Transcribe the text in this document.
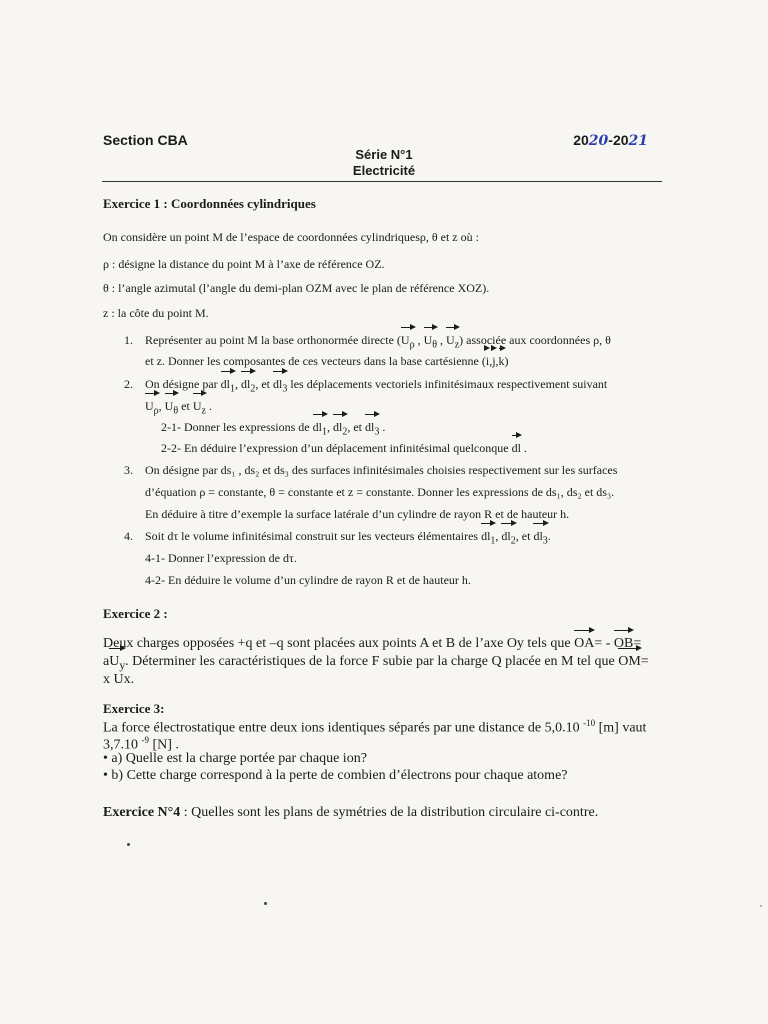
Section CBA	2020-2021
Série N°1
Electricité
Exercice 1 : Coordonnées cylindriques
On considère un point M de l’espace de coordonnées cylindriquesρ, θ et z où :
ρ : désigne la distance du point M à l’axe de référence OZ.
θ : l’angle azimutal (l’angle du demi-plan OZM avec le plan de référence XOZ).
z : la côte du point M.
1. Représenter au point M la base orthonormée directe ($U_\rho$ , $U_\theta$ , $U_z$) associée aux coordonnées ρ, θ
et z. Donner les composantes de ces vecteurs dans la base cartésienne (i,j,k)
2. On désigne par $dl_1$, $dl_2$, et $dl_3$ les déplacements vectoriels infinitésimaux respectivement suivant
$U_\rho$, $U_\theta$ et $U_z$ .
2-1- Donner les expressions de $dl_1$, $dl_2$, et $dl_3$ .
2-2- En déduire l’expression d’un déplacement infinitésimal quelconque dl .
3. On désigne par ds₁ , ds₂ et ds₃ des surfaces infinitésimales choisies respectivement sur les surfaces
d’équation ρ = constante, θ = constante et z = constante. Donner les expressions de ds₁, ds₂ et ds₃.
En déduire à titre d’exemple la surface latérale d’un cylindre de rayon R et de hauteur h.
4. Soit dτ le volume infinitésimal construit sur les vecteurs élémentaires $dl_1$, $dl_2$, et $dl_3$.
4-1- Donner l’expression de dτ.
4-2- En déduire le volume d’un cylindre de rayon R et de hauteur h.
Exercice 2 :
Deux charges opposées +q et –q sont placées aux points A et B de l’axe Oy tels que OA= - OB=
$aU_y$. Déterminer les caractéristiques de la force F subie par la charge Q placée en M tel que OM=
x Ux.
Exercice 3:
La force électrostatique entre deux ions identiques séparés par une distance de 5,0.10 $^{-10}$ [m] vaut
3,7.10 $^{-9}$ [N] .
• a) Quelle est la charge portée par chaque ion?
• b) Cette charge correspond à la perte de combien d’électrons pour chaque atome?
Exercice N°4 : Quelles sont les plans de symétries de la distribution circulaire ci-contre.
